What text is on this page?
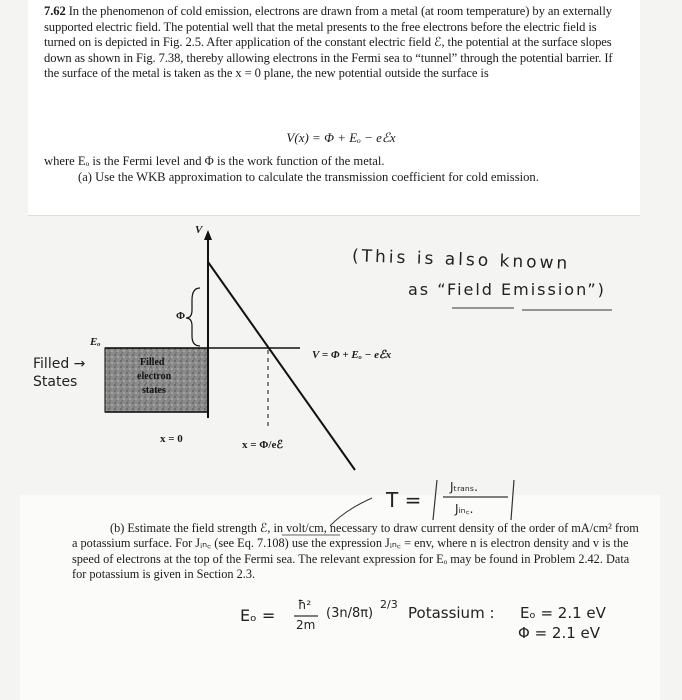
7.62 In the phenomenon of cold emission, electrons are drawn from a metal (at room temperature) by an externally supported electric field. The potential well that the metal presents to the free electrons before the electric field is turned on is depicted in Fig. 2.5. After application of the constant electric field ℰ, the potential at the surface slopes down as shown in Fig. 7.38, thereby allowing electrons in the Fermi sea to “tunnel” through the potential barrier. If the surface of the metal is taken as the x = 0 plane, the new potential outside the surface is

V(x) = Φ + Eₒ − eℰx
where Eₒ is the Fermi level and Φ is the work function of the metal.
(a) Use the WKB approximation to calculate the transmission coefficient for cold emission.
V
Φ
Eₒ
Filled
electron
states
V = Φ + Eₒ − eℰx
x = 0	x = Φ/eℰ
(This is also known
as “Field Emission”)
Filled →
States
T =
Jₜᵣₐₙₛ.
Jᵢₙ꜀.
(b) Estimate the field strength ℰ, in volt/cm, necessary to draw current density of the order of mA/cm² from a potassium surface. For Jᵢₙ꜀ (see Eq. 7.108) use the expression Jᵢₙ꜀ = env, where n is electron density and v is the speed of electrons at the top of the Fermi sea. The relevant expression for Eₒ may be found in Problem 2.42. Data for potassium is given in Section 2.3.
Eₒ =
ħ²
2m
(3n/8π)
2/3 Potassium : Eₒ = 2.1 eV
Φ = 2.1 eV
